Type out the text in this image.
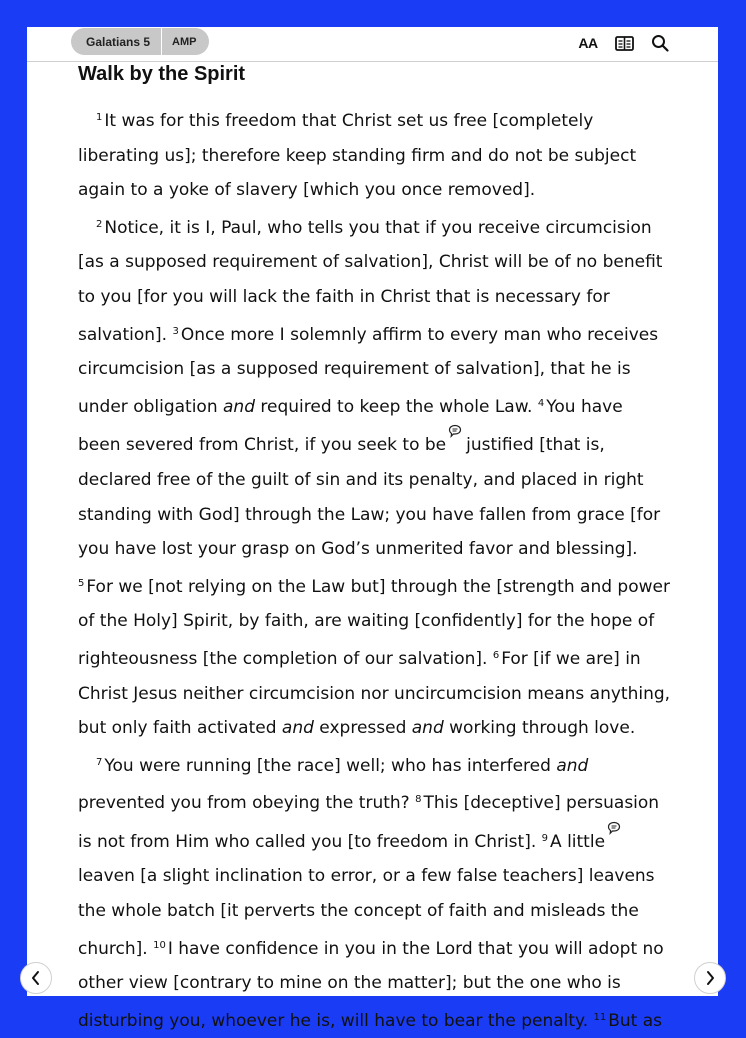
Galatians 5	AMP	AA
Walk by the Spirit
$^1$ It was for this freedom that Christ set us free [completely
liberating us]; therefore keep standing firm and do not be subject
again to a yoke of slavery [which you once removed].
$^2$ Notice, it is I, Paul, who tells you that if you receive circumcision
[as a supposed requirement of salvation], Christ will be of no benefit
to you [for you will lack the faith in Christ that is necessary for
salvation]. $^3$ Once more I solemnly affirm to every man who receives
circumcision [as a supposed requirement of salvation], that he is
under obligation and required to keep the whole Law. $^4$ You have
been severed from Christ, if you seek to be justified [that is,
declared free of the guilt of sin and its penalty, and placed in right
standing with God] through the Law; you have fallen from grace [for
you have lost your grasp on God’s unmerited favor and blessing].
$^5$ For we [not relying on the Law but] through the [strength and power
of the Holy] Spirit, by faith, are waiting [confidently] for the hope of
righteousness [the completion of our salvation]. $^6$ For [if we are] in
Christ Jesus neither circumcision nor uncircumcision means anything,
but only faith activated and expressed and working through love.
$^7$ You were running [the race] well; who has interfered and
prevented you from obeying the truth? $^8$ This [deceptive] persuasion
is not from Him who called you [to freedom in Christ]. $^9$ A little
leaven [a slight inclination to error, or a few false teachers] leavens
the whole batch [it perverts the concept of faith and misleads the
church]. $^{10}$ I have confidence in you in the Lord that you will adopt no
other view [contrary to mine on the matter]; but the one who is
disturbing you, whoever he is, will have to bear the penalty. $^{11}$ But as
